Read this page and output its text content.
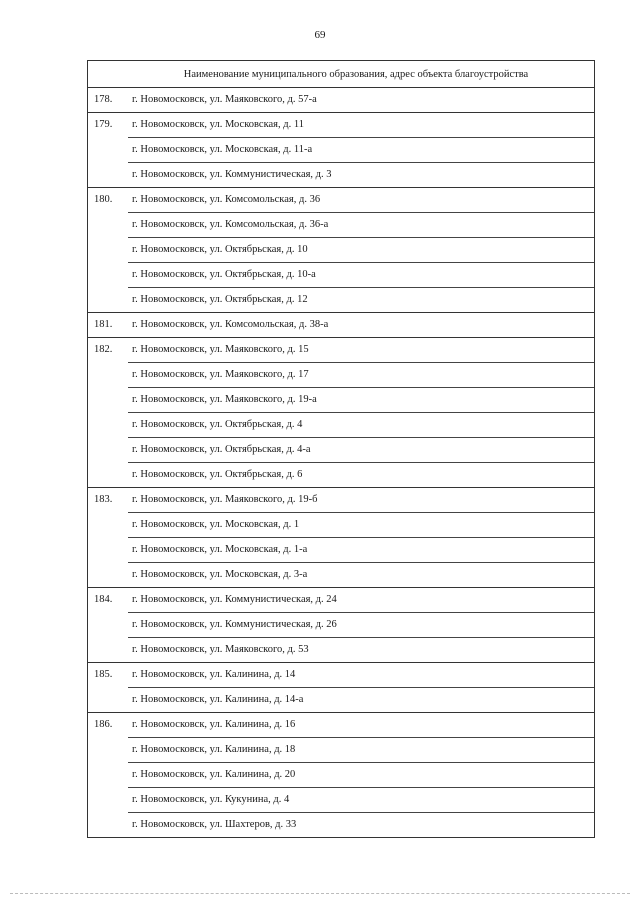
69
Наименование муниципального образования, адрес объекта благоустройства
178.	г. Новомосковск, ул. Маяковского, д. 57-а
179.	г. Новомосковск, ул. Московская, д. 11
г. Новомосковск, ул. Московская, д. 11-а
г. Новомосковск, ул. Коммунистическая, д. 3
180.	г. Новомосковск, ул. Комсомольская, д. 36
г. Новомосковск, ул. Комсомольская, д. 36-а
г. Новомосковск, ул. Октябрьская, д. 10
г. Новомосковск, ул. Октябрьская, д. 10-а
г. Новомосковск, ул. Октябрьская, д. 12
181.	г. Новомосковск, ул. Комсомольская, д. 38-а
182.	г. Новомосковск, ул. Маяковского, д. 15
г. Новомосковск, ул. Маяковского, д. 17
г. Новомосковск, ул. Маяковского, д. 19-а
г. Новомосковск, ул. Октябрьская, д. 4
г. Новомосковск, ул. Октябрьская, д. 4-а
г. Новомосковск, ул. Октябрьская, д. 6
183.	г. Новомосковск, ул. Маяковского, д. 19-б
г. Новомосковск, ул. Московская, д. 1
г. Новомосковск, ул. Московская, д. 1-а
г. Новомосковск, ул. Московская, д. 3-а
184.	г. Новомосковск, ул. Коммунистическая, д. 24
г. Новомосковск, ул. Коммунистическая, д. 26
г. Новомосковск, ул. Маяковского, д. 53
185.	г. Новомосковск, ул. Калинина, д. 14
г. Новомосковск, ул. Калинина, д. 14-а
186.	г. Новомосковск, ул. Калинина, д. 16
г. Новомосковск, ул. Калинина, д. 18
г. Новомосковск, ул. Калинина, д. 20
г. Новомосковск, ул. Кукунина, д. 4
г. Новомосковск, ул. Шахтеров, д. 33
